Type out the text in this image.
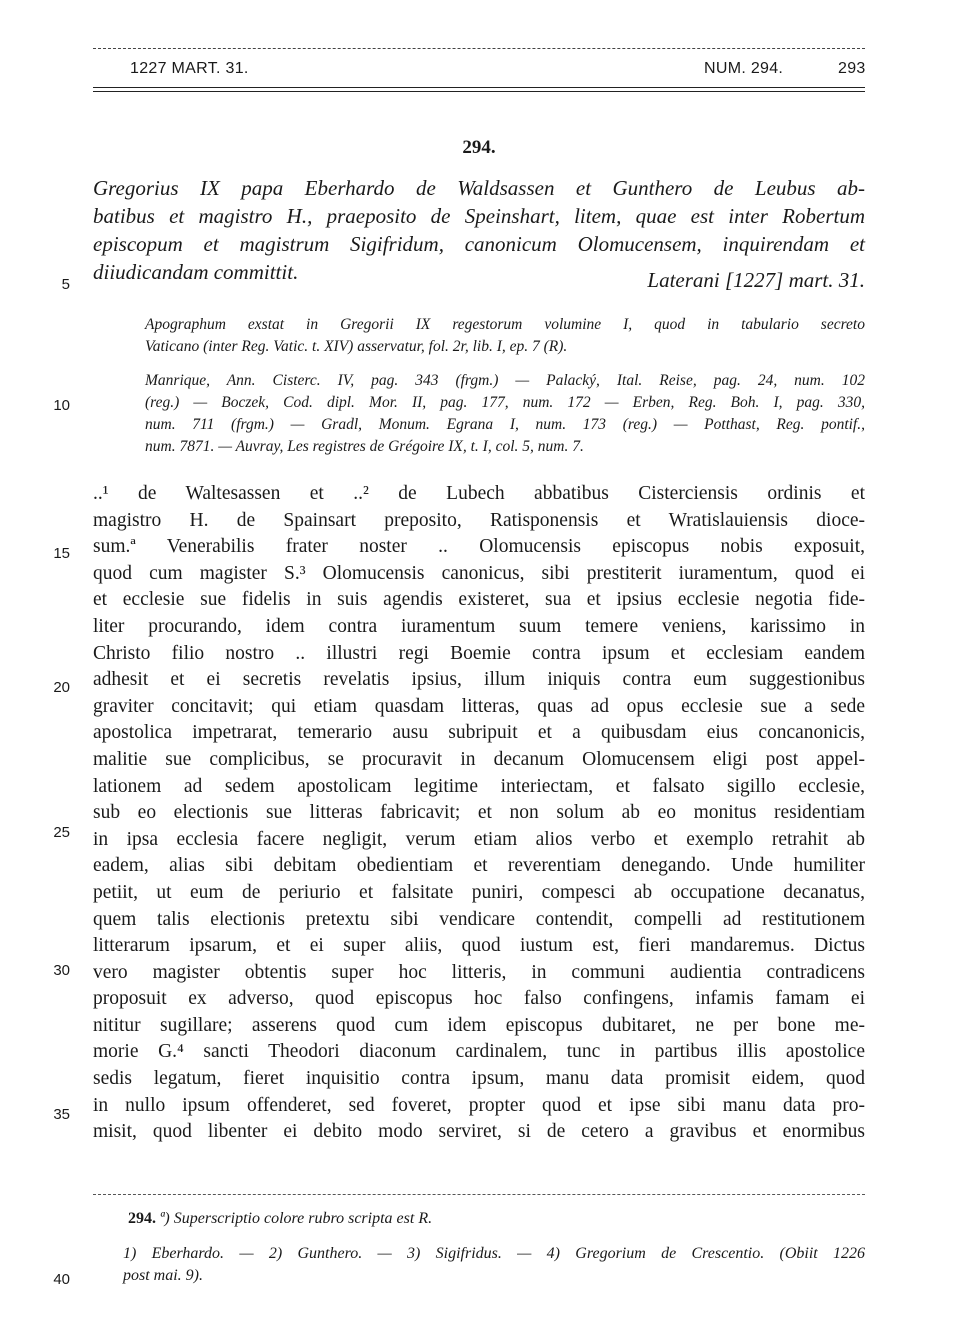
1227 MART. 31.	NUM. 294.	293
294.
Gregorius IX papa Eberhardo de Waldsassen et Gunthero de Leubus ab-
batibus et magistro H., praeposito de Speinshart, litem, quae est inter Robertum
episcopum et magistrum Sigifridum, canonicum Olomucensem, inquirendam et
diiudicandam committit.	Laterani [1227] mart. 31.
Apographum exstat in Gregorii IX regestorum volumine I, quod in tabulario secreto
Vaticano (inter Reg. Vatic. t. XIV) asservatur, fol. 2r, lib. I, ep. 7 (R).
Manrique, Ann. Cisterc. IV, pag. 343 (frgm.) — Palacký, Ital. Reise, pag. 24, num. 102
(reg.) — Boczek, Cod. dipl. Mor. II, pag. 177, num. 172 — Erben, Reg. Boh. I, pag. 330,
num. 711 (frgm.) — Gradl, Monum. Egrana I, num. 173 (reg.) — Potthast, Reg. pontif.,
num. 7871. — Auvray, Les registres de Grégoire IX, t. I, col. 5, num. 7.
5
10
15
20
25
30
35
40
..¹ de Waltesassen et ..² de Lubech abbatibus Cisterciensis ordinis et
magistro H. de Spainsart preposito, Ratisponensis et Wratislauiensis dioce-
sum.ª Venerabilis frater noster .. Olomucensis episcopus nobis exposuit,
quod cum magister S.³ Olomucensis canonicus, sibi prestiterit iuramentum, quod ei
et ecclesie sue fidelis in suis agendis existeret, sua et ipsius ecclesie negotia fide-
liter procurando, idem contra iuramentum suum temere veniens, karissimo in
Christo filio nostro .. illustri regi Boemie contra ipsum et ecclesiam eandem
adhesit et ei secretis revelatis ipsius, illum iniquis contra eum suggestionibus
graviter concitavit; qui etiam quasdam litteras, quas ad opus ecclesie sue a sede
apostolica impetrarat, temerario ausu subripuit et a quibusdam eius concanonicis,
malitie sue complicibus, se procuravit in decanum Olomucensem eligi post appel-
lationem ad sedem apostolicam legitime interiectam, et falsato sigillo ecclesie,
sub eo electionis sue litteras fabricavit; et non solum ab eo monitus residentiam
in ipsa ecclesia facere negligit, verum etiam alios verbo et exemplo retrahit ab
eadem, alias sibi debitam obedientiam et reverentiam denegando. Unde humiliter
petiit, ut eum de periurio et falsitate puniri, compesci ab occupatione decanatus,
quem talis electionis pretextu sibi vendicare contendit, compelli ad restitutionem
litterarum ipsarum, et ei super aliis, quod iustum est, fieri mandaremus. Dictus
vero magister obtentis super hoc litteris, in communi audientia contradicens
proposuit ex adverso, quod episcopus hoc falso confingens, infamis famam ei
nititur sugillare; asserens quod cum idem episcopus dubitaret, ne per bone me-
morie G.⁴ sancti Theodori diaconum cardinalem, tunc in partibus illis apostolice
sedis legatum, fieret inquisitio contra ipsum, manu data promisit eidem, quod
in nullo ipsum offenderet, sed foveret, propter quod et ipse sibi manu data pro-
misit, quod libenter ei debito modo serviret, si de cetero a gravibus et enormibus
294. ª) Superscriptio colore rubro scripta est R.
1) Eberhardo. — 2) Gunthero. — 3) Sigifridus. — 4) Gregorium de Crescentio. (Obiit 1226
post mai. 9).
